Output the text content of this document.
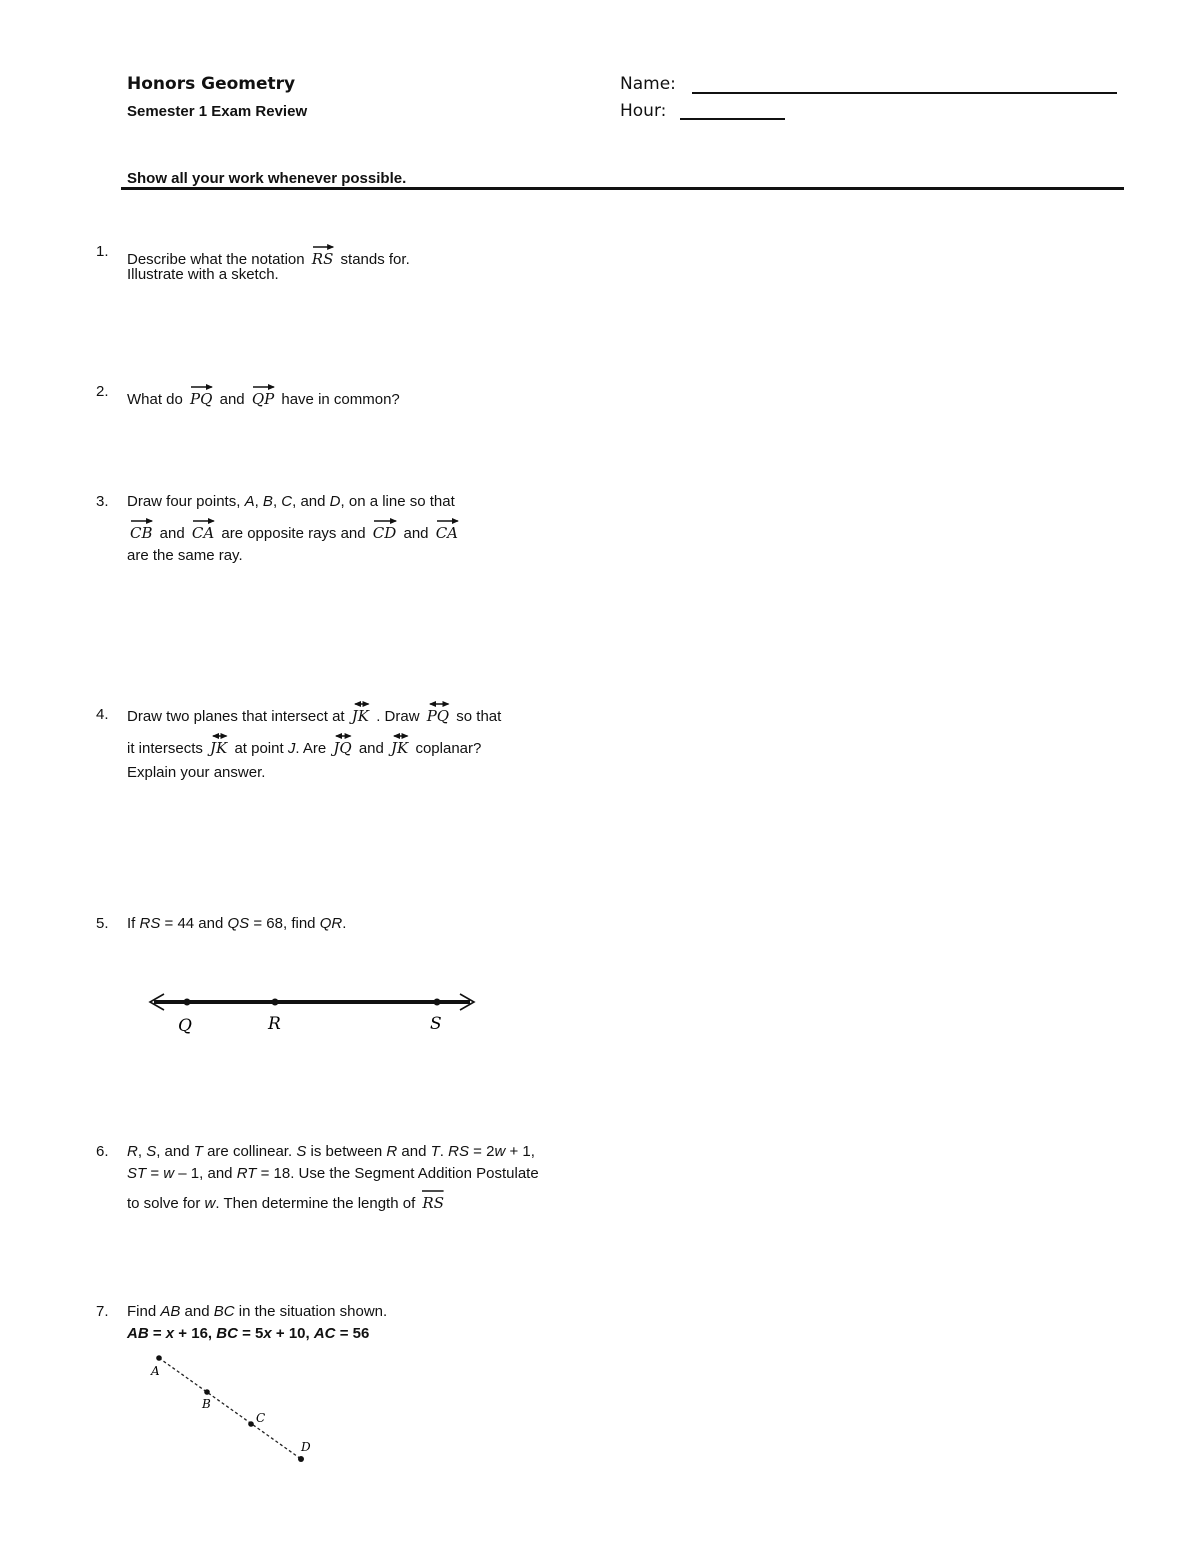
Honors Geometry
Semester 1 Exam Review
Name:
Hour:
Show all your work whenever possible.
1. Describe what the notation RS stands for.
Illustrate with a sketch.
2. What do PQ and QP have in common?
3. Draw four points, A, B, C, and D, on a line so that
CB and CA are opposite rays and CD and CA
are the same ray.
4. Draw two planes that intersect at JK . Draw PQ so that
it intersects JK at point J. Are JQ and JK coplanar?
Explain your answer.
5. If RS = 44 and QS = 68, find QR.
Q	R	S
6. R, S, and T are collinear. S is between R and T. RS = 2w + 1,
ST = w – 1, and RT = 18. Use the Segment Addition Postulate
to solve for w. Then determine the length of RS
7. Find AB and BC in the situation shown.
AB = x + 16, BC = 5x + 10, AC = 56
A
B
C
D
